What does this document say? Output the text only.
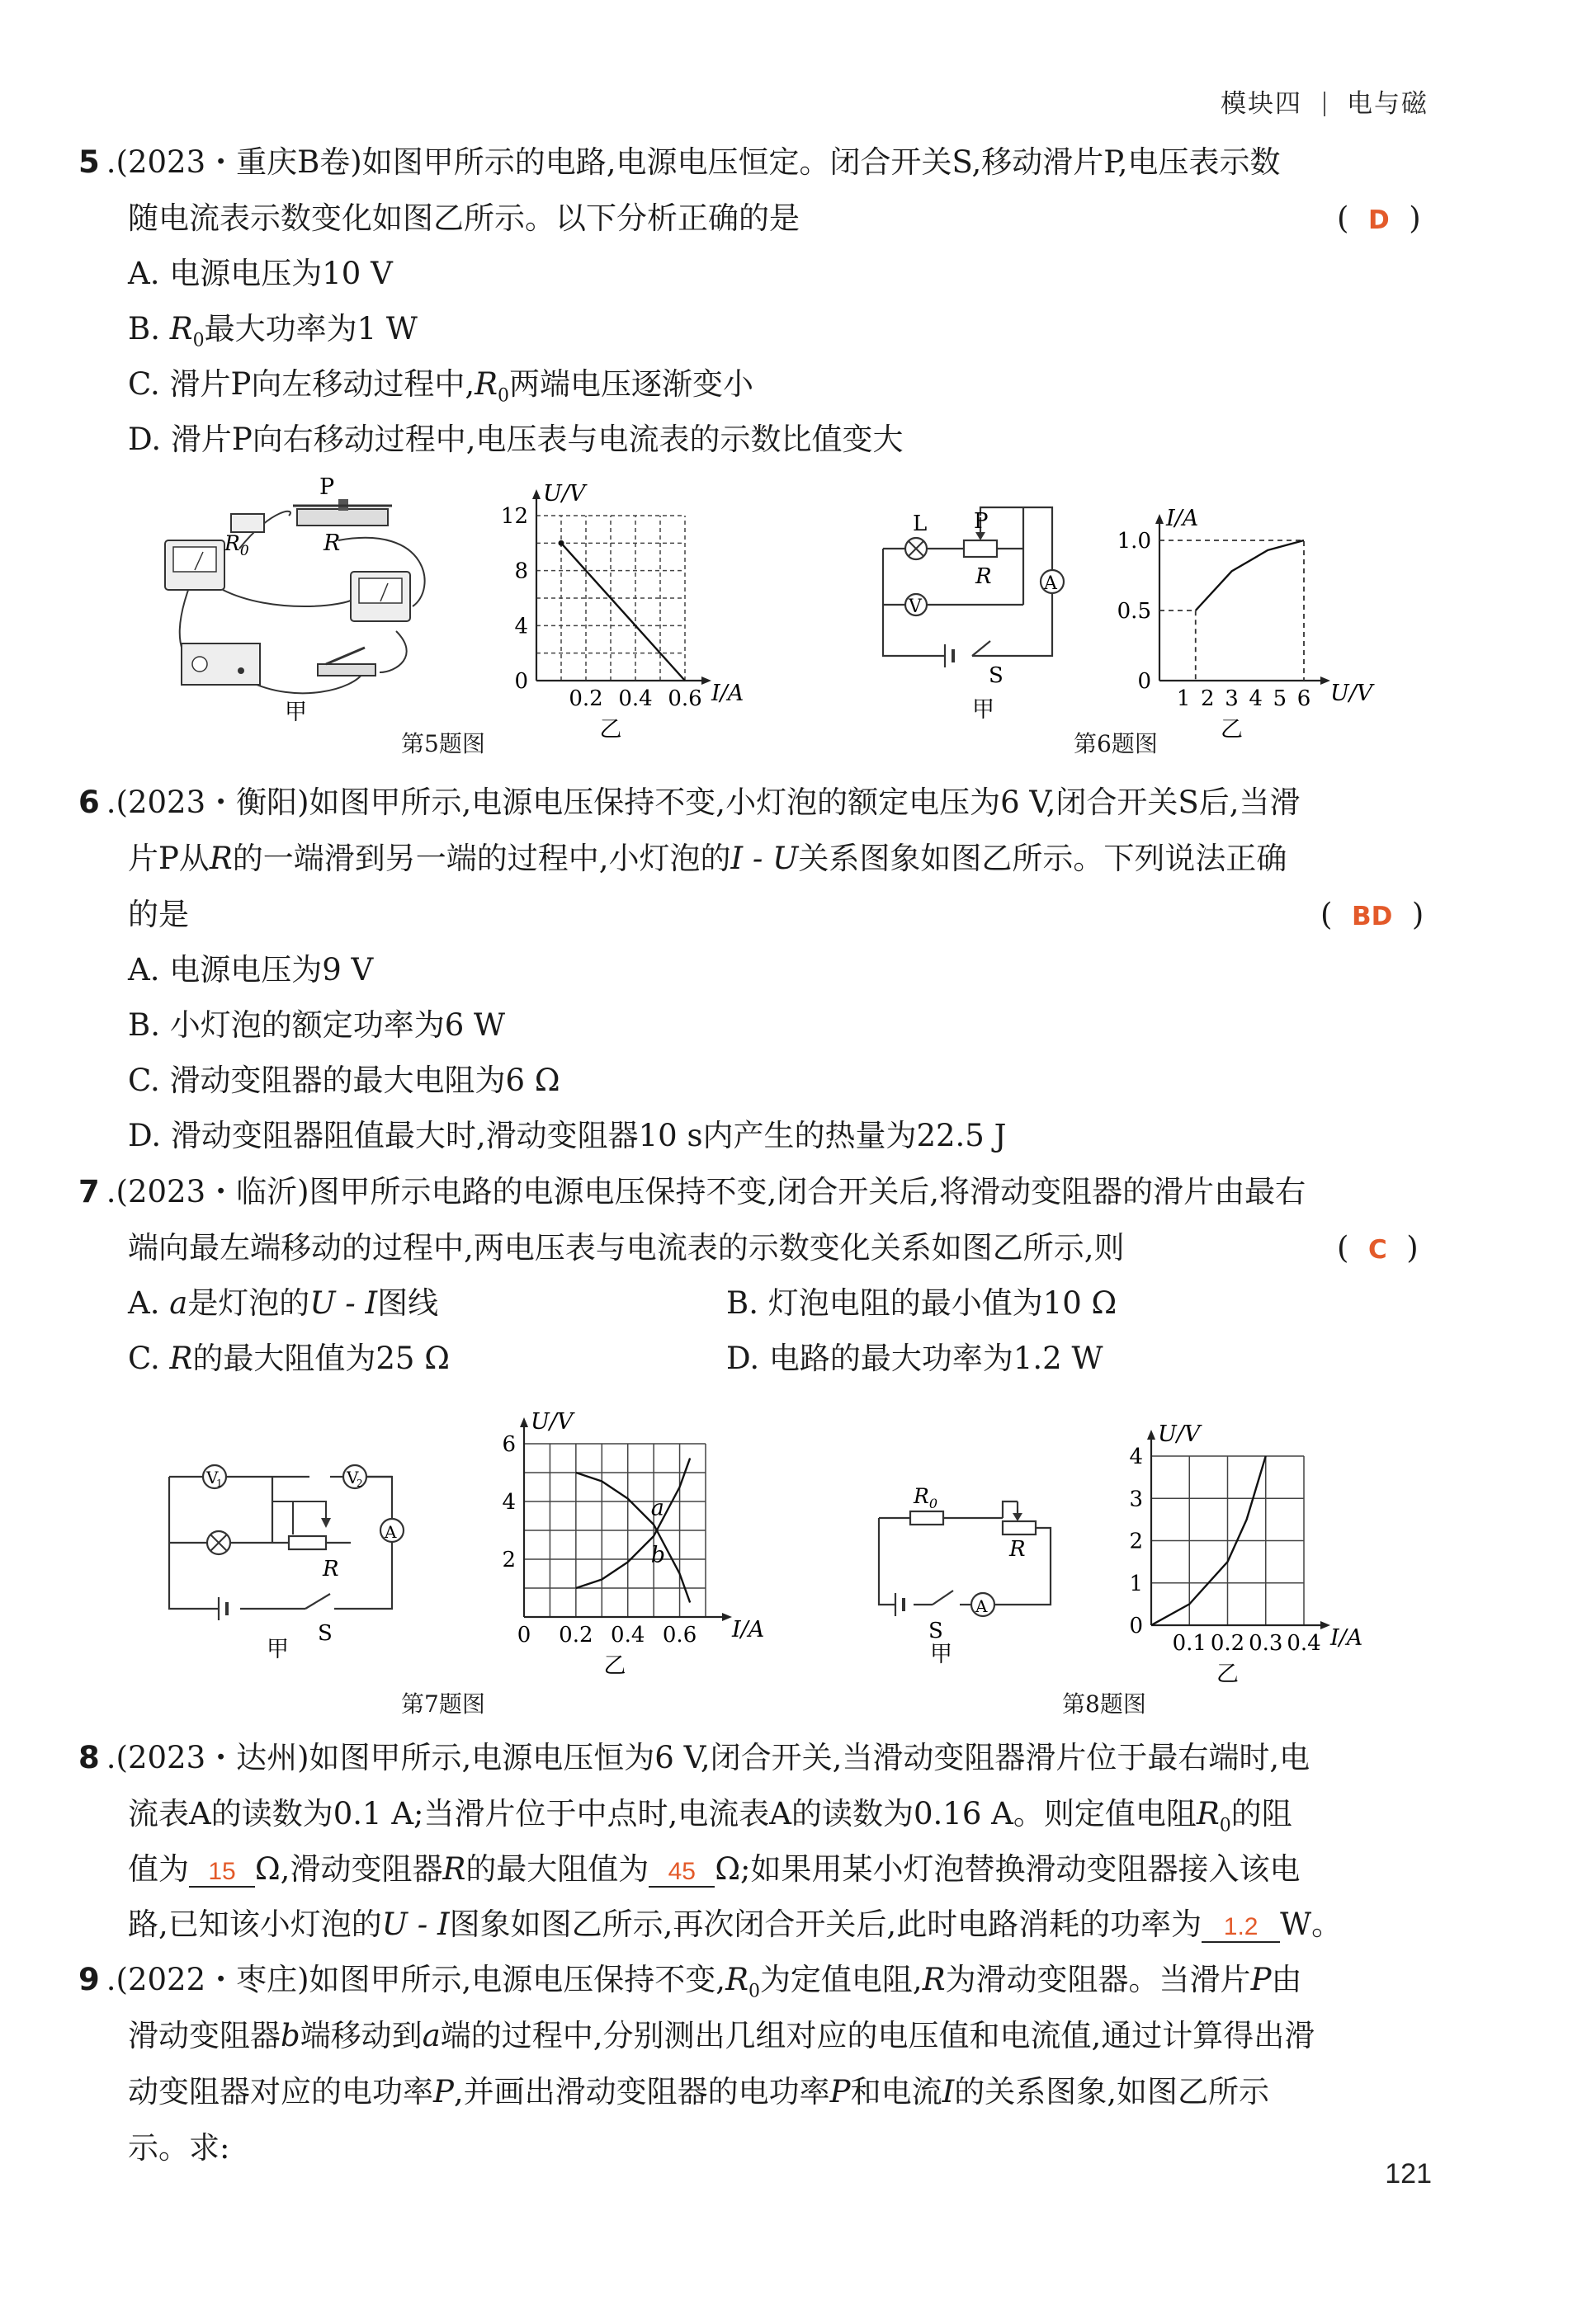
模块四 电与磁
5 .(2023・重庆B卷)如图甲所示的电路,电源电压恒定。闭合开关S,移动滑片P,电压表示数
随电流表示数变化如图乙所示。以下分析正确的是	(  D  )
A. 电源电压为10 V
B. $R_0$最大功率为1 W
C. 滑片P向左移动过程中$,R_0$两端电压逐渐变小
D. 滑片P向右移动过程中,电压表与电流表的示数比值变大
P
R
$R_0$
甲
I/A
U/V
0.2 0.4 0.6
0
4
8
12
乙
V
A
L P
R
S
甲
U/V
I/A
1 2 3 4 5 6
0
0.5
1.0
乙
第5题图	第6题图
6 .(2023・衡阳)如图甲所示,电源电压保持不变,小灯泡的额定电压为6 V,闭合开关S后,当滑
片P从R的一端滑到另一端的过程中,小灯泡的I - U关系图象如图乙所示。下列说法正确
的是	(  BD  )
A. 电源电压为9 V
B. 小灯泡的额定功率为6 W
C. 滑动变阻器的最大电阻为6 Ω
D. 滑动变阻器阻值最大时,滑动变阻器10 s内产生的热量为22.5 J
7 .(2023・临沂)图甲所示电路的电源电压保持不变,闭合开关后,将滑动变阻器的滑片由最右
端向最左端移动的过程中,两电压表与电流表的示数变化关系如图乙所示,则	(  C  )
A. a是灯泡的U - I图线	B. 灯泡电阻的最小值为10 Ω
C. R的最大阻值为25 Ω	D. 电路的最大功率为1.2 W
V
1	V
2
A
R
S
甲
I/A
U/V
0 0.2 0.4 0.6
2
4
6
a
b
乙
A
$R_0$
R
S
甲
I/A
U/V
0.1 0.2 0.3 0.4
0
1
2
3
4
乙
第7题图	第8题图
8 .(2023・达州)如图甲所示,电源电压恒为6 V,闭合开关,当滑动变阻器滑片位于最右端时,电
流表A的读数为0.1 A;当滑片位于中点时,电流表A的读数为0.16 A。则定值电阻$R_0$的阻
值为 15 Ω,滑动变阻器R的最大阻值为 45 Ω;如果用某小灯泡替换滑动变阻器接入该电
路,已知该小灯泡的U - I图象如图乙所示,再次闭合开关后,此时电路消耗的功率为 1.2 W。
9 .(2022・枣庄)如图甲所示,电源电压保持不变$,R_0$为定值电阻,R为滑动变阻器。当滑片P由
滑动变阻器b端移动到a端的过程中,分别测出几组对应的电压值和电流值,通过计算得出滑
动变阻器对应的电功率P,并画出滑动变阻器的电功率P和电流I的关系图象,如图乙所示
示。求:
121
